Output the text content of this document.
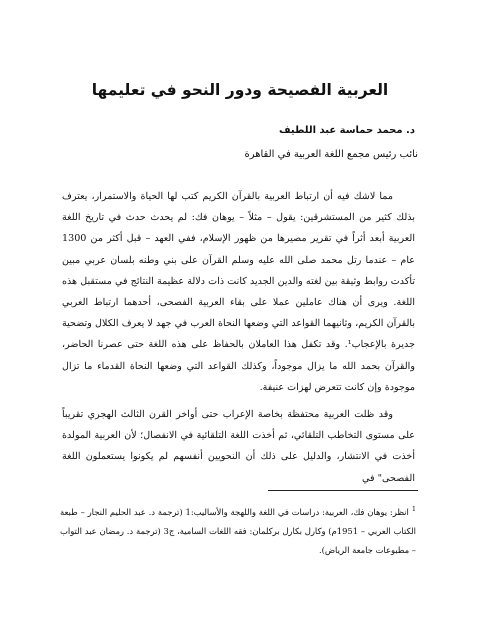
العربية الفصيحة ودور النحو في تعليمها
د. محمد حماسة عبد اللطيف
نائب رئيس مجمع اللغة العربية في القاهرة

مما لاشك فيه أن ارتباط العربية بالقرآن الكريم كتب لها الحياة والاستمرار، يعترف بذلك كثير من المستشرقين: يقول – مثلاً – يوهان فك: لم يحدث حدث في تاريخ اللغة العربية أبعد أثراً في تقرير مصيرها من ظهور الإسلام، ففي العهد – قبل أكثر من 1300 عام – عندما رتل محمد صلى الله عليه وسلم القرآن على بني وطنه بلسان عربي مبين تأكدت روابط وثيقة بين لغته والدين الجديد كانت ذات دلالة عظيمة النتائج في مستقبل هذه اللغة. ويرى أن هناك عاملين عملا على بقاء العربية الفصحى، أحدهما ارتباط العربي بالقرآن الكريم، وثانيهما القواعد التي وضعها النحاة العرب في جهد لا يعرف الكلال وتضحية جديرة بالإعجاب¹. وقد تكفل هذا العاملان بالحفاظ على هذه اللغة حتى عصرنا الحاضر، والقرآن بحمد الله ما يزال موجوداً، وكذلك القواعد التي وضعها النحاة القدماء ما تزال موجودة وإن كانت تتعرض لهزات عنيفة.

وقد ظلت العربية محتفظة بخاصة الإعراب حتى أواخر القرن الثالث الهجري تقريباً على مستوى التخاطب التلقائي، ثم أخذت اللغة التلقائية في الانفصال؛ لأن العربية المولدة أخذت في الانتشار، والدليل على ذلك أن النحويين أنفسهم لم يكونوا يستعملون اللغة الفصحى" في

$^1$انظر: يوهان فك، العربية: دراسات في اللغة واللهجة والأساليب:1 (ترجمة د. عبد الحليم النجار – طبعة الكتاب العربي – 1951م) وكارل بكارل بركلمان: فقه اللغات السامية، ج3 (ترجمة د. رمضان عبد التواب – مطبوعات جامعة الرياض).
